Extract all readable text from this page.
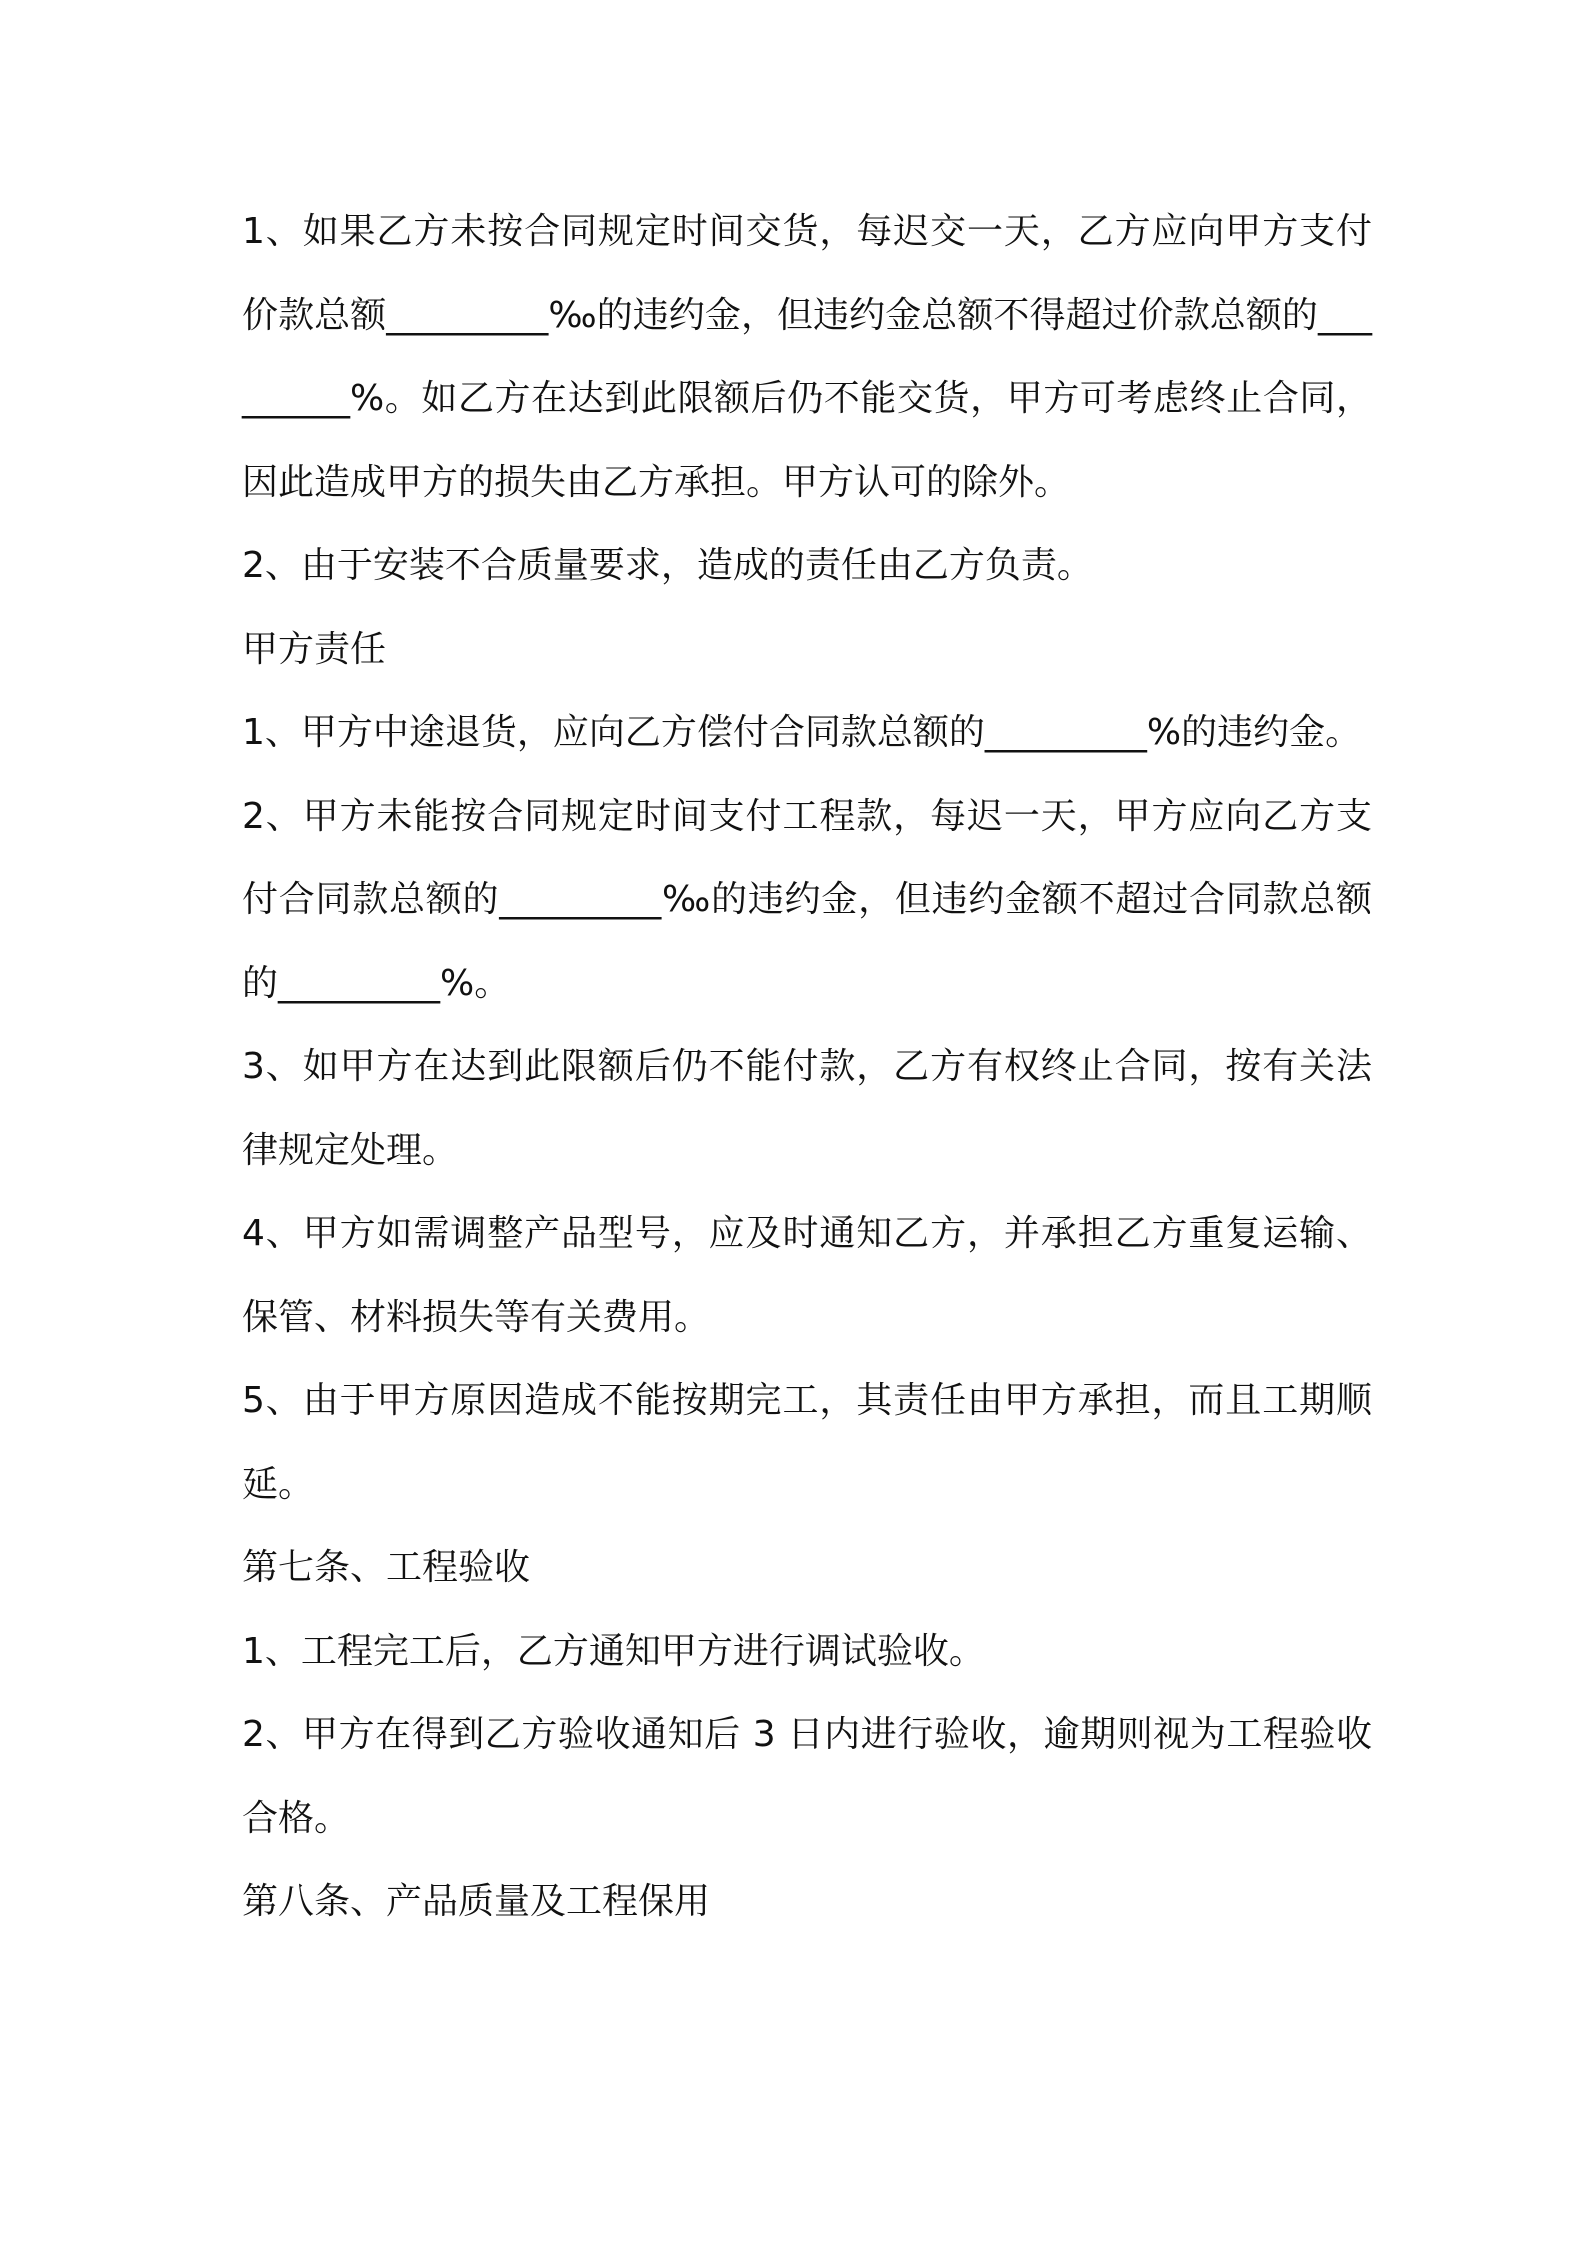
1、如果乙方未按合同规定时间交货，每迟交一天，乙方应向甲方支付价款总额_________‰的违约金，但违约金总额不得超过价款总额的_________%。如乙方在达到此限额后仍不能交货，甲方可考虑终止合同，因此造成甲方的损失由乙方承担。甲方认可的除外。

2、由于安装不合质量要求，造成的责任由乙方负责。

甲方责任

1、甲方中途退货，应向乙方偿付合同款总额的_________%的违约金。

2、甲方未能按合同规定时间支付工程款，每迟一天，甲方应向乙方支付合同款总额的_________‰的违约金，但违约金额不超过合同款总额的_________%。

3、如甲方在达到此限额后仍不能付款，乙方有权终止合同，按有关法律规定处理。

4、甲方如需调整产品型号，应及时通知乙方，并承担乙方重复运输、保管、材料损失等有关费用。

5、由于甲方原因造成不能按期完工，其责任由甲方承担，而且工期顺延。

第七条、工程验收

1、工程完工后，乙方通知甲方进行调试验收。

2、甲方在得到乙方验收通知后 3 日内进行验收，逾期则视为工程验收合格。

第八条、产品质量及工程保用
